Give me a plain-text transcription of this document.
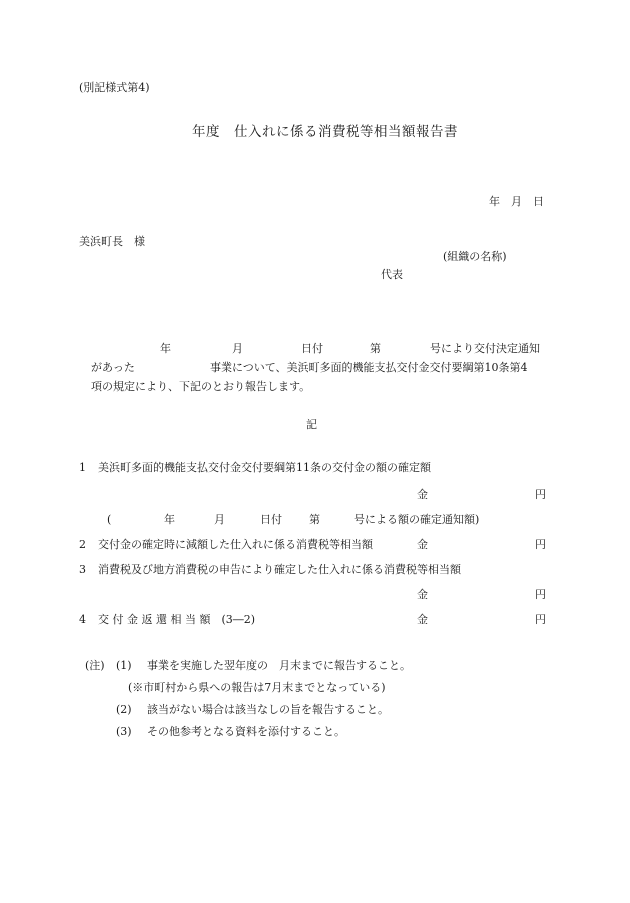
(別記様式第4)
年度　仕入れに係る消費税等相当額報告書
年　月　日
美浜町長　様
(組織の名称)
代表
年	月	日付	第	号により交付決定通知
があった	事業について、美浜町多面的機能支払交付金交付要綱第10条第4
項の規定により、下記のとおり報告します。
記
1 美浜町多面的機能支払交付金交付要綱第11条の交付金の額の確定額
金	円
(	年	月	日付 第	号による額の確定通知額)
2 交付金の確定時に減額した仕入れに係る消費税等相当額	金	円
3 消費税及び地方消費税の申告により確定した仕入れに係る消費税等相当額
金	円
4 交 付 金 返 還 相 当 額　(3―2)	金	円
(注) (1) 事業を実施した翌年度の　月末までに報告すること。
(※市町村から県への報告は7月末までとなっている)
(2) 該当がない場合は該当なしの旨を報告すること。
(3) その他参考となる資料を添付すること。
